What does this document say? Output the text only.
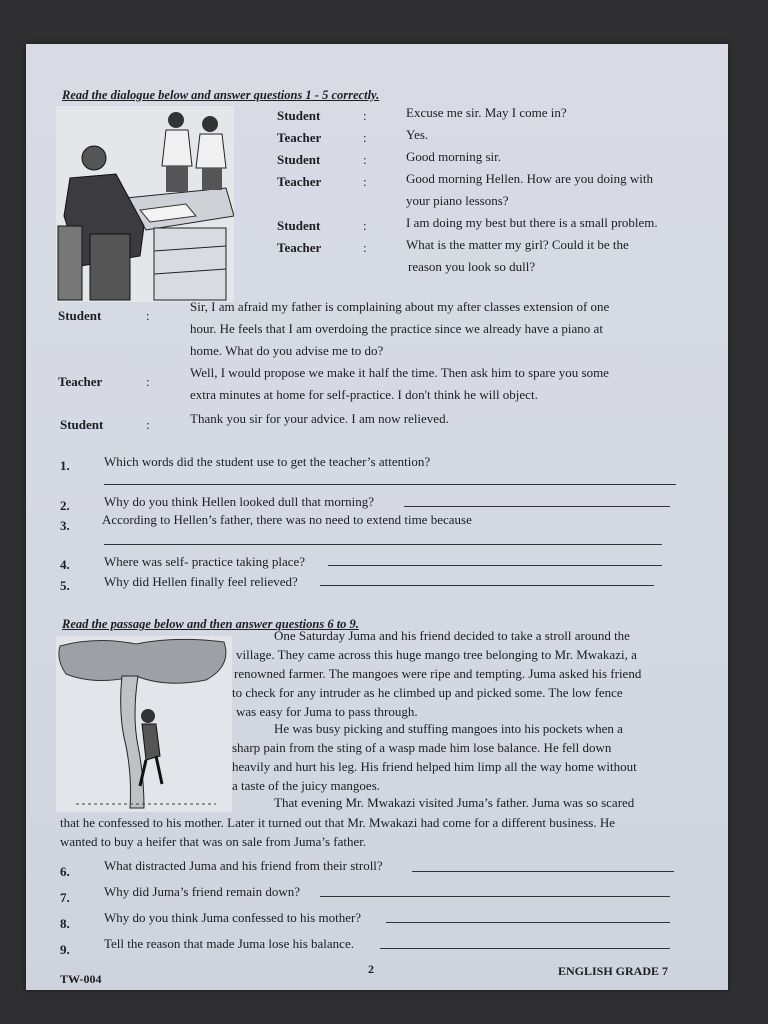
Read the dialogue below and answer questions 1 - 5 correctly.
Student	:	Excuse me sir. May I come in?
Teacher	:	Yes.
Student	:	Good morning sir.
Teacher	:	Good morning Hellen. How are you doing with
your piano lessons?
Student	:	I am doing my best but there is a small problem.
Teacher	:	What is the matter my girl? Could it be the
reason you look so dull?
Student	:
Sir, I am afraid my father is complaining about my after classes extension of one
hour. He feels that I am overdoing the practice since we already have a piano at
home. What do you advise me to do?
Teacher	:
Well, I would propose we make it half the time. Then ask him to spare you some
extra minutes at home for self-practice. I don't think he will object.
Student	:	Thank you sir for your advice. I am now relieved.
1.	Which words did the student use to get the teacher’s attention?
2.	Why do you think Hellen looked dull that morning?
3. According to Hellen’s father, there was no need to extend time because
4.	Where was self- practice taking place?
5.	Why did Hellen finally feel relieved?
Read the passage below and then answer questions 6 to 9.
One Saturday Juma and his friend decided to take a stroll around the
village. They came across this huge mango tree belonging to Mr. Mwakazi, a
renowned farmer. The mangoes were ripe and tempting. Juma asked his friend
to check for any intruder as he climbed up and picked some. The low fence
was easy for Juma to pass through.
He was busy picking and stuffing mangoes into his pockets when a
sharp pain from the sting of a wasp made him lose balance. He fell down
heavily and hurt his leg. His friend helped him limp all the way home without
a taste of the juicy mangoes.
That evening Mr. Mwakazi visited Juma’s father. Juma was so scared
that he confessed to his mother. Later it turned out that Mr. Mwakazi had come for a different business. He
wanted to buy a heifer that was on sale from Juma’s father.
6.	What distracted Juma and his friend from their stroll?
7.	Why did Juma’s friend remain down?
8.	Why do you think Juma confessed to his mother?
9.	Tell the reason that made Juma lose his balance.
TW-004
2	ENGLISH GRADE 7
